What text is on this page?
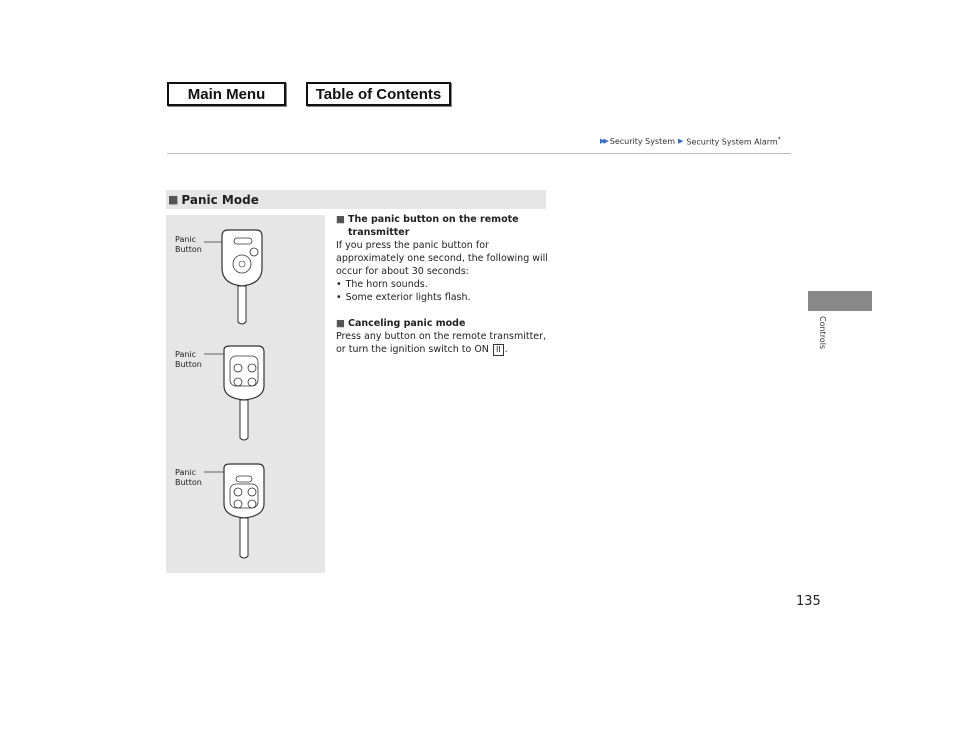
Main Menu	Table of Contents
▶▶ Security System ▶ Security System Alarm*
Controls
135
■ Panic Mode
Panic
Button
Panic
Button
Panic
Button

■ The panic button on the remote

transmitter

If you press the panic button for approximately one second, the following will occur for about 30 seconds:

• The horn sounds.
• Some exterior lights flash.

■ Canceling panic mode

Press any button on the remote transmitter, or turn the ignition switch to ON II .
